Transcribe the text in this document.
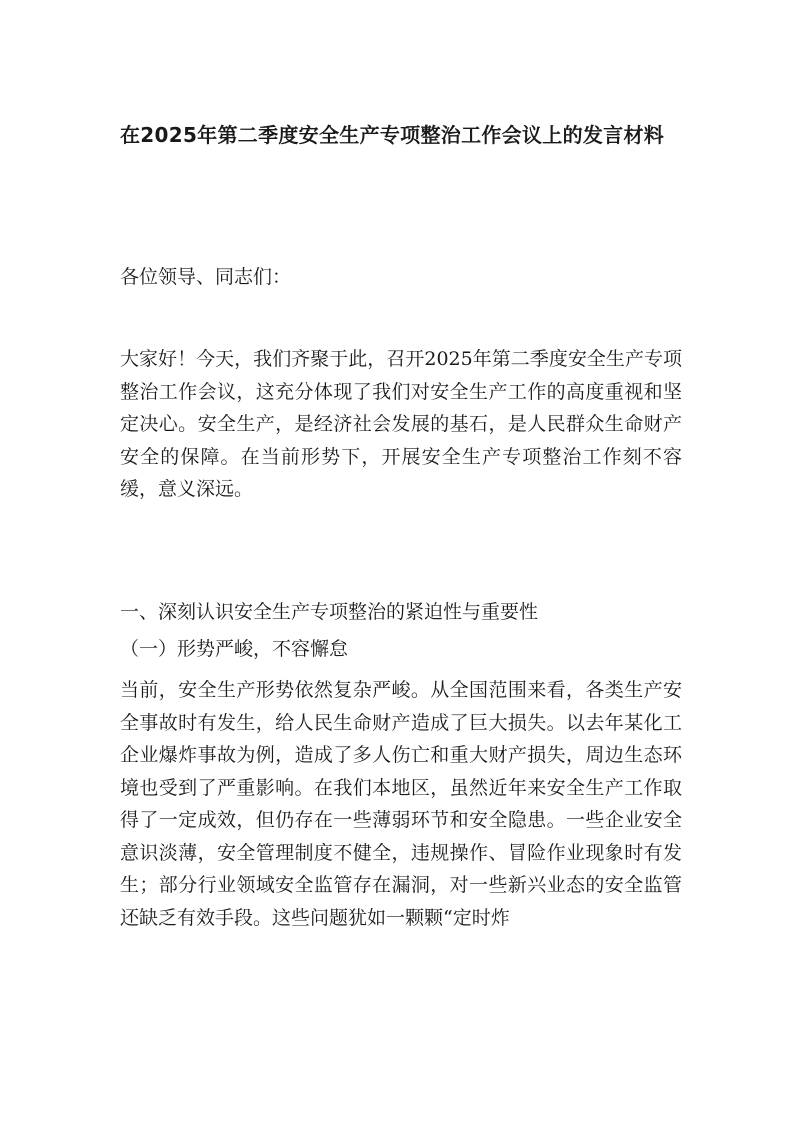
在2025年第二季度安全生产专项整治工作会议上的发言材料
各位领导、同志们：

大家好！今天，我们齐聚于此，召开2025年第二季度安全生产专项整治工作会议，这充分体现了我们对安全生产工作的高度重视和坚定决心。安全生产，是经济社会发展的基石，是人民群众生命财产安全的保障。在当前形势下，开展安全生产专项整治工作刻不容缓，意义深远。

一、深刻认识安全生产专项整治的紧迫性与重要性
（一）形势严峻，不容懈怠

当前，安全生产形势依然复杂严峻。从全国范围来看，各类生产安全事故时有发生，给人民生命财产造成了巨大损失。以去年某化工企业爆炸事故为例，造成了多人伤亡和重大财产损失，周边生态环境也受到了严重影响。在我们本地区，虽然近年来安全生产工作取得了一定成效，但仍存在一些薄弱环节和安全隐患。一些企业安全意识淡薄，安全管理制度不健全，违规操作、冒险作业现象时有发生；部分行业领域安全监管存在漏洞，对一些新兴业态的安全监管还缺乏有效手段。这些问题犹如一颗颗“定时炸
